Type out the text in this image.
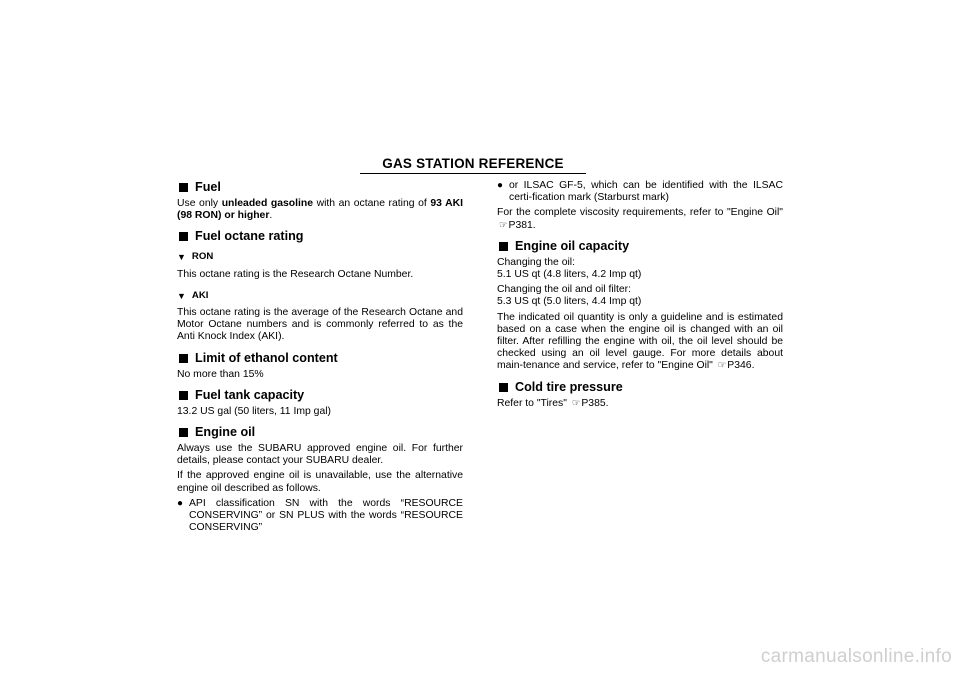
GAS STATION REFERENCE
Fuel

Use only unleaded gasoline with an octane rating of 93 AKI (98 RON) or higher.

Fuel octane rating
▼ RON

This octane rating is the Research Octane Number.

▼ AKI

This octane rating is the average of the Research Octane and Motor Octane numbers and is commonly referred to as the Anti Knock Index (AKI).

Limit of ethanol content

No more than 15%

Fuel tank capacity

13.2 US gal (50 liters, 11 Imp gal)

Engine oil

Always use the SUBARU approved engine oil. For further details, please contact your SUBARU dealer.

If the approved engine oil is unavailable, use the alternative engine oil described as follows.

● API classification SN with the words “RESOURCE CONSERVING” or SN PLUS with the words “RESOURCE CONSERVING”
● or ILSAC GF-5, which can be identified with the ILSAC certi-fication mark (Starburst mark)

For the complete viscosity requirements, refer to "Engine Oil" ☞P381.

Engine oil capacity

Changing the oil:

5.1 US qt (4.8 liters, 4.2 Imp qt)

Changing the oil and oil filter:

5.3 US qt (5.0 liters, 4.4 Imp qt)

The indicated oil quantity is only a guideline and is estimated based on a case when the engine oil is changed with an oil filter. After refilling the engine with oil, the oil level should be checked using an oil level gauge. For more details about main-tenance and service, refer to "Engine Oil" ☞P346.

Cold tire pressure

Refer to "Tires" ☞P385.

carmanualsonline.info
